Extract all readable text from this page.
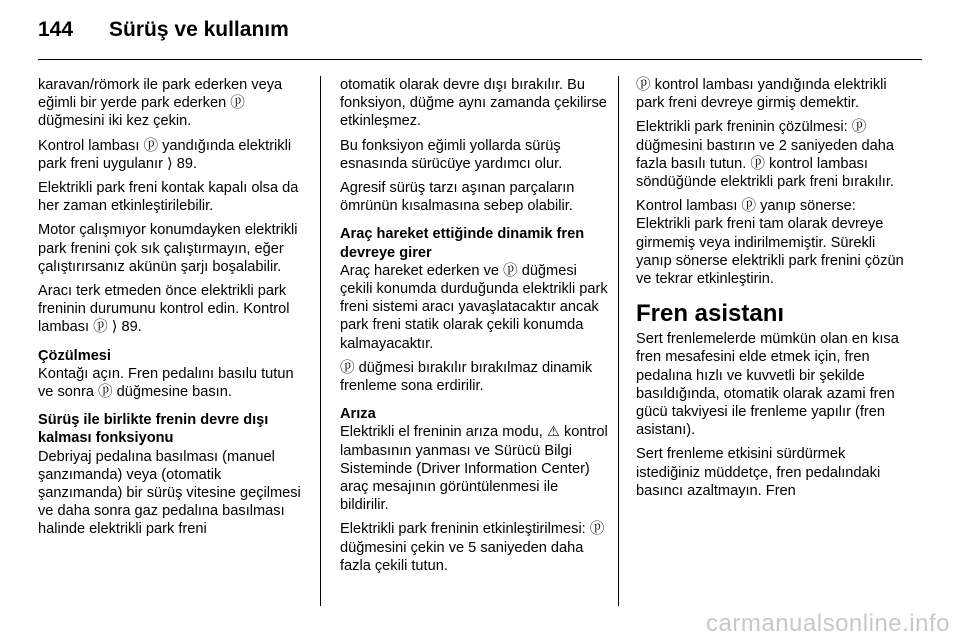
144 Sürüş ve kullanım

karavan/römork ile park ederken veya eğimli bir yerde park ederken ⓟ düğmesini iki kez çekin.

Kontrol lambası ⓟ yandığında elektrikli park freni uygulanır ⟩ 89.

Elektrikli park freni kontak kapalı olsa da her zaman etkinleştirilebilir.

Motor çalışmıyor konumdayken elektrikli park frenini çok sık çalıştırmayın, eğer çalıştırırsanız akünün şarjı boşalabilir.

Aracı terk etmeden önce elektrikli park freninin durumunu kontrol edin. Kontrol lambası ⓟ ⟩ 89.

Çözülmesi

Kontağı açın. Fren pedalını basılu tutun ve sonra ⓟ düğmesine basın.

Sürüş ile birlikte frenin devre dışı kalması fonksiyonu

Debriyaj pedalına basılması (manuel şanzımanda) veya (otomatik şanzımanda) bir sürüş vitesine geçilmesi ve daha sonra gaz pedalına basılması halinde elektrikli park freni

otomatik olarak devre dışı bırakılır. Bu fonksiyon, düğme aynı zamanda çekilirse etkinleşmez.

Bu fonksiyon eğimli yollarda sürüş esnasında sürücüye yardımcı olur.

Agresif sürüş tarzı aşınan parçaların ömrünün kısalmasına sebep olabilir.

Araç hareket ettiğinde dinamik fren devreye girer

Araç hareket ederken ve ⓟ düğmesi çekili konumda durduğunda elektrikli park freni sistemi aracı yavaşlatacaktır ancak park freni statik olarak çekili konumda kalmayacaktır.

ⓟ düğmesi bırakılır bırakılmaz dinamik frenleme sona erdirilir.

Arıza

Elektrikli el freninin arıza modu, ⚠ kontrol lambasının yanması ve Sürücü Bilgi Sisteminde (Driver Information Center) araç mesajının görüntülenmesi ile bildirilir.

Elektrikli park freninin etkinleştirilmesi: ⓟ düğmesini çekin ve 5 saniyeden daha fazla çekili tutun.

ⓟ kontrol lambası yandığında elektrikli park freni devreye girmiş demektir.

Elektrikli park freninin çözülmesi: ⓟ düğmesini bastırın ve 2 saniyeden daha fazla basılı tutun. ⓟ kontrol lambası söndüğünde elektrikli park freni bırakılır.

Kontrol lambası ⓟ yanıp sönerse: Elektrikli park freni tam olarak devreye girmemiş veya indirilmemiştir. Sürekli yanıp sönerse elektrikli park frenini çözün ve tekrar etkinleştirin.

Fren asistanı

Sert frenlemelerde mümkün olan en kısa fren mesafesini elde etmek için, fren pedalına hızlı ve kuvvetli bir şekilde basıldığında, otomatik olarak azami fren gücü takviyesi ile frenleme yapılır (fren asistanı).

Sert frenleme etkisini sürdürmek istediğiniz müddetçe, fren pedalındaki basıncı azaltmayın. Fren

carmanualsonline.info
